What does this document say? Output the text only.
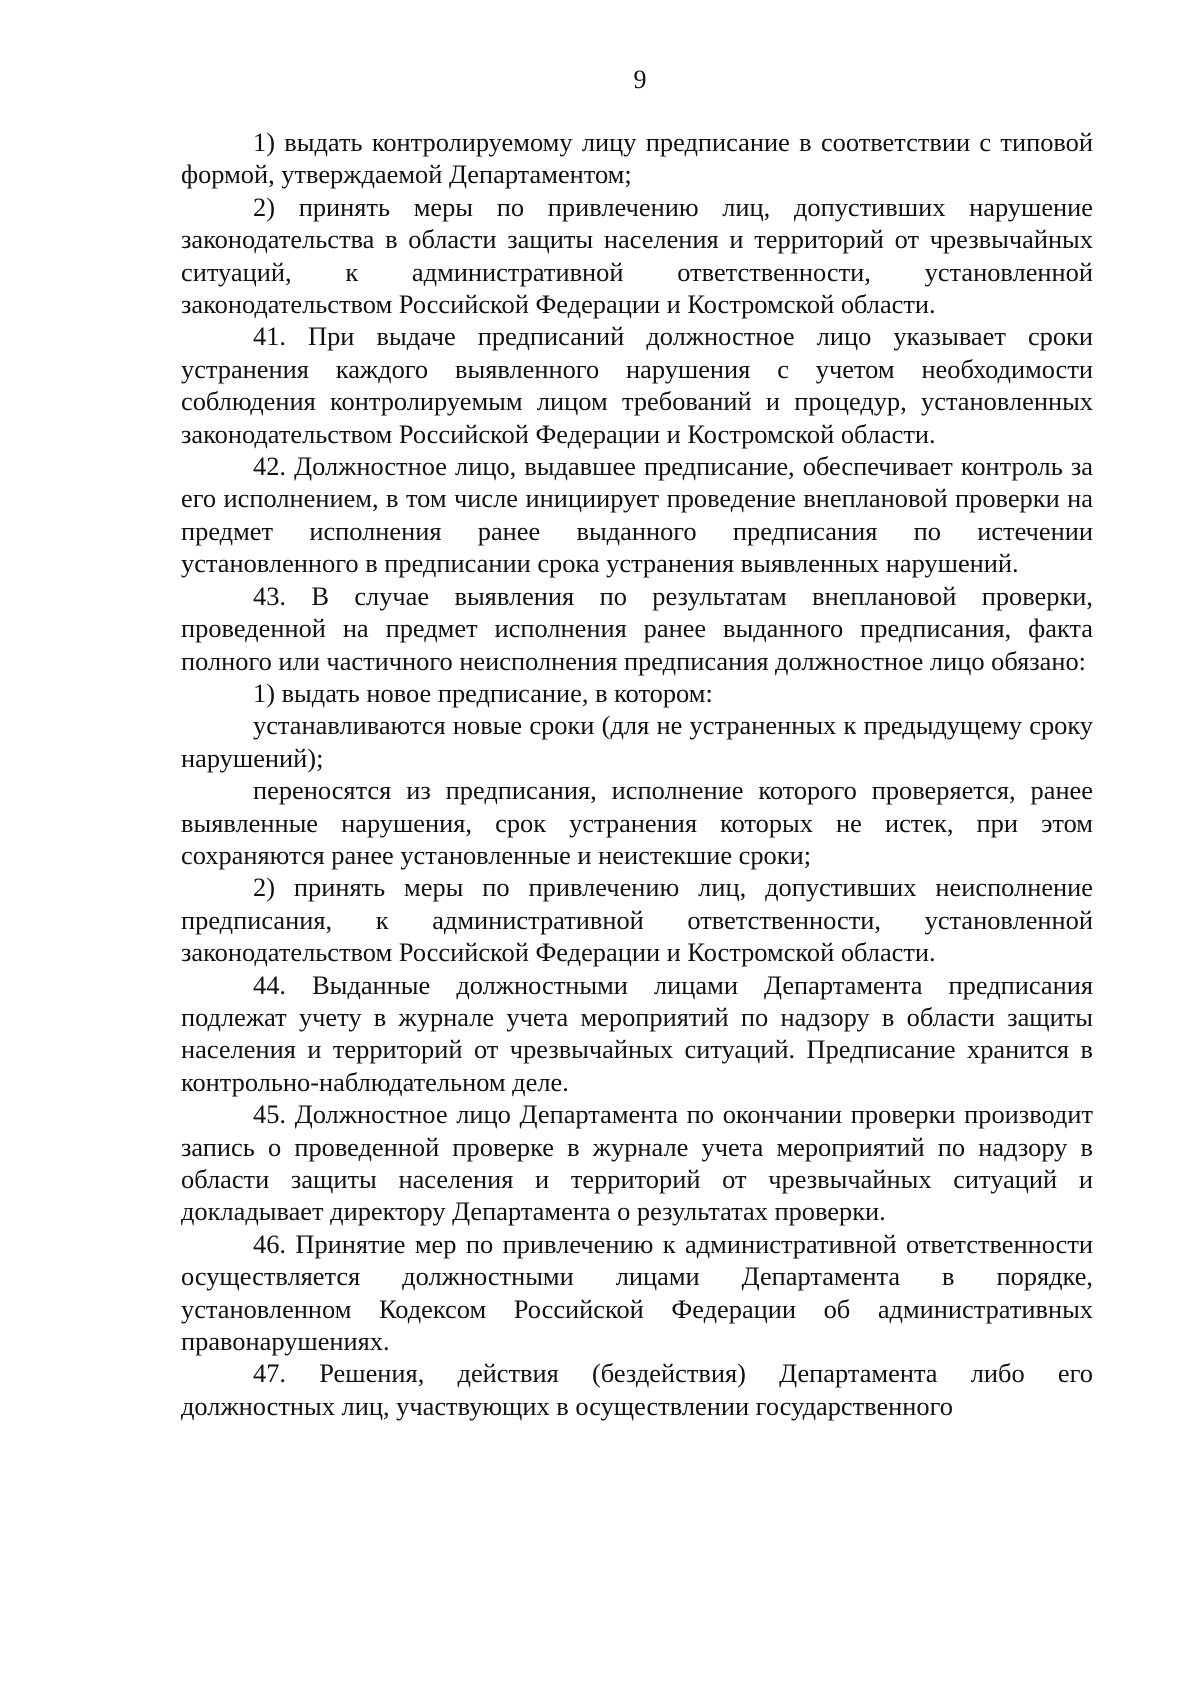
9

1) выдать контролируемому лицу предписание в соответствии с типовой формой, утверждаемой Департаментом;

2) принять меры по привлечению лиц, допустивших нарушение законодательства в области защиты населения и территорий от чрезвычайных ситуаций, к административной ответственности, установленной законодательством Российской Федерации и Костромской области.

41. При выдаче предписаний должностное лицо указывает сроки устранения каждого выявленного нарушения с учетом необходимости соблюдения контролируемым лицом требований и процедур, установленных законодательством Российской Федерации и Костромской области.

42. Должностное лицо, выдавшее предписание, обеспечивает контроль за его исполнением, в том числе инициирует проведение внеплановой проверки на предмет исполнения ранее выданного предписания по истечении установленного в предписании срока устранения выявленных нарушений.

43. В случае выявления по результатам внеплановой проверки, проведенной на предмет исполнения ранее выданного предписания, факта полного или частичного неисполнения предписания должностное лицо обязано:

1) выдать новое предписание, в котором:

устанавливаются новые сроки (для не устраненных к предыдущему сроку нарушений);

переносятся из предписания, исполнение которого проверяется, ранее выявленные нарушения, срок устранения которых не истек, при этом сохраняются ранее установленные и неистекшие сроки;

2) принять меры по привлечению лиц, допустивших неисполнение предписания, к административной ответственности, установленной законодательством Российской Федерации и Костромской области.

44. Выданные должностными лицами Департамента предписания подлежат учету в журнале учета мероприятий по надзору в области защиты населения и территорий от чрезвычайных ситуаций. Предписание хранится в контрольно-наблюдательном деле.

45. Должностное лицо Департамента по окончании проверки производит запись о проведенной проверке в журнале учета мероприятий по надзору в области защиты населения и территорий от чрезвычайных ситуаций и докладывает директору Департамента о результатах проверки.

46. Принятие мер по привлечению к административной ответственности осуществляется должностными лицами Департамента в порядке, установленном Кодексом Российской Федерации об административных правонарушениях.

47. Решения, действия (бездействия) Департамента либо его должностных лиц, участвующих в осуществлении государственного
